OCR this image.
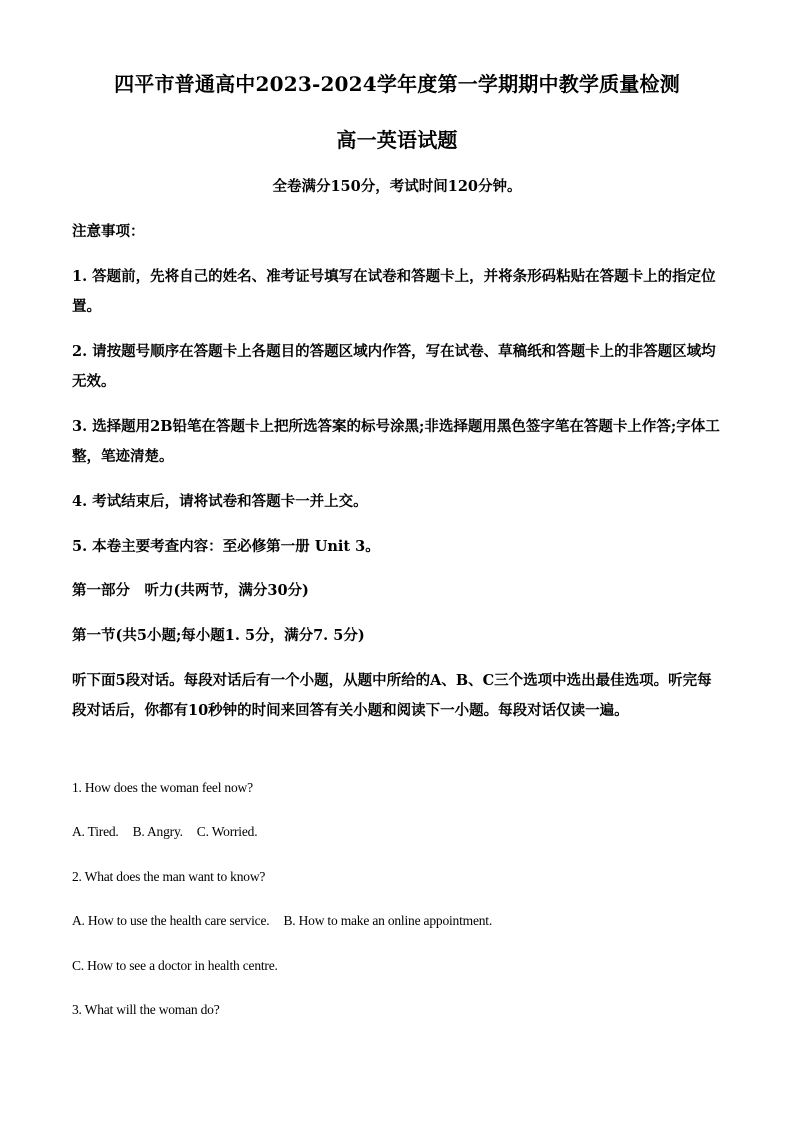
四平市普通高中2023-2024学年度第一学期期中教学质量检测
高一英语试题
全卷满分150分，考试时间120分钟。
注意事项：
1. 答题前，先将自己的姓名、准考证号填写在试卷和答题卡上，并将条形码粘贴在答题卡上的指定位置。
2. 请按题号顺序在答题卡上各题目的答题区域内作答，写在试卷、草稿纸和答题卡上的非答题区域均无效。
3. 选择题用2B铅笔在答题卡上把所选答案的标号涂黑;非选择题用黑色签字笔在答题卡上作答;字体工整，笔迹清楚。
4. 考试结束后，请将试卷和答题卡一并上交。
5. 本卷主要考查内容：至必修第一册 Unit 3。
第一部分　听力(共两节，满分30分)
第一节(共5小题;每小题1. 5分，满分7. 5分)
听下面5段对话。每段对话后有一个小题，从题中所给的A、B、C三个选项中选出最佳选项。听完每段对话后，你都有10秒钟的时间来回答有关小题和阅读下一小题。每段对话仅读一遍。
1. How does the woman feel now?
A. Tired. B. Angry. C. Worried.
2. What does the man want to know?
A. How to use the health care service. B. How to make an online appointment.
C. How to see a doctor in health centre.
3. What will the woman do?
